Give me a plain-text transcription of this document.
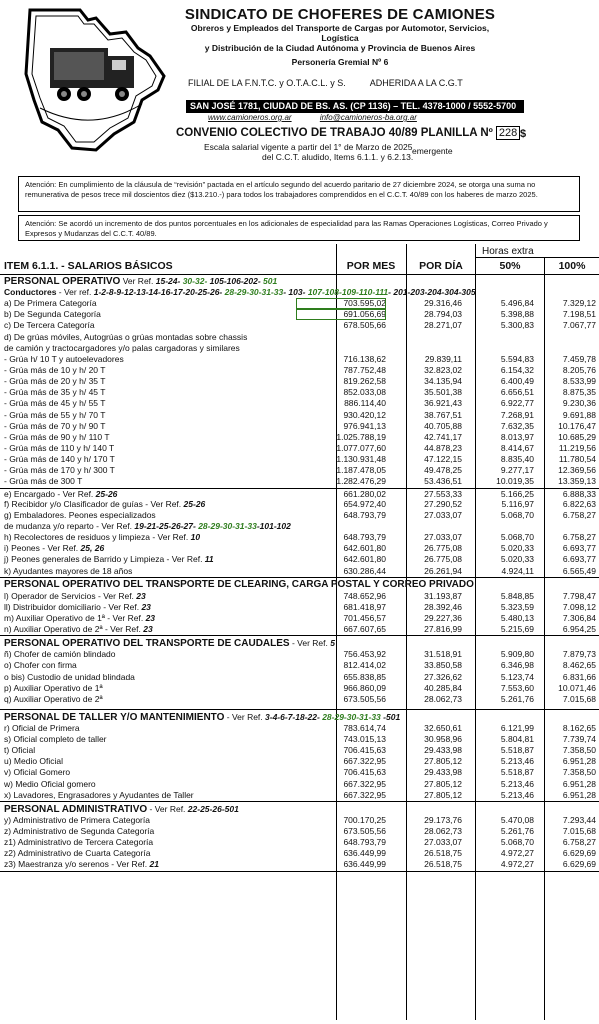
SINDICATO DE CHOFERES DE CAMIONES
Obreros y Empleados del Transporte de Cargas por Automotor, Servicios, Logística
y Distribución de la Ciudad Autónoma y Provincia de Buenos Aires
Personería Gremial Nº 6
FILIAL DE LA F.N.T.C. y O.T.A.C.L. y S.	ADHERIDA A LA C.G.T
SAN JOSÉ 1781, CIUDAD DE BS. AS. (CP 1136) – TEL. 4378-1000 / 5552-5700
www.camioneros.org.ar	info@camioneros-ba.org.ar
CONVENIO COLECTIVO DE TRABAJO 40/89 PLANILLA Nº 228 $
Escala salarial vigente a partir del 1° de Marzo de 2025
del C.C.T. aludido, Items 6.1.1. y 6.2.13.
emergente
Atención: En cumplimiento de la cláusula de “revisión” pactada en el artículo segundo del acuerdo paritario de 27 diciembre 2024, se otorga una suma no remunerativa de pesos trece mil doscientos diez ($13.210.-) para todos los trabajadores comprendidos en el C.C.T. 40/89 con los haberes de marzo 2025.
Atención: Se acordó un incremento de dos puntos porcentuales en los adicionales de especialidad para las Ramas Operaciones Logísticas, Correo Privado y Expresos y Mudanzas del C.C.T. 40/89.
Horas extra
ITEM 6.1.1. - SALARIOS BÁSICOS	POR MES	POR DÍA	50%	100%
PERSONAL OPERATIVO Ver Ref. 15-24- 30-32- 105-106-202- 501
Conductores - Ver ref. 1-2-8-9-12-13-14-16-17-20-25-26- 28-29-30-31-33- 103- 107-108-109-110-111- 201-203-204-304-305
a) De Primera Categoría	703.595,02	29.316,46	5.496,84	7.329,12
b) De Segunda Categoría	691.056,69	28.794,03	5.398,88	7.198,51
c) De Tercera Categoría	678.505,66	28.271,07	5.300,83	7.067,77
d) De grúas móviles, Autogrúas o grúas montadas sobre chassis
de camión y tractocargadores y/o palas cargadoras y similares
- Grúa h/ 10 T y autoelevadores	716.138,62	29.839,11	5.594,83	7.459,78
- Grúa más de 10 y h/ 20 T	787.752,48	32.823,02	6.154,32	8.205,76
- Grúa más de 20 y h/ 35 T	819.262,58	34.135,94	6.400,49	8.533,99
- Grúa más de 35 y h/ 45 T	852.033,08	35.501,38	6.656,51	8.875,35
- Grúa más de 45 y h/ 55 T	886.114,40	36.921,43	6.922,77	9.230,36
- Grúa más de 55 y h/ 70 T	930.420,12	38.767,51	7.268,91	9.691,88
- Grúa más de 70 y h/ 90 T	976.941,13	40.705,88	7.632,35	10.176,47
- Grúa más de 90 y h/ 110 T	1.025.788,19	42.741,17	8.013,97	10.685,29
- Grúa más de 110 y h/ 140 T	1.077.077,60	44.878,23	8.414,67	11.219,56
- Grúa más de 140 y h/ 170 T	1.130.931,48	47.122,15	8.835,40	11.780,54
- Grúa más de 170 y h/ 300 T	1.187.478,05	49.478,25	9.277,17	12.369,56
- Grúa más de 300 T	1.282.476,29	53.436,51	10.019,35	13.359,13
e) Encargado - Ver Ref. 25-26	661.280,02	27.553,33	5.166,25	6.888,33
f) Recibidor y/o Clasificador de guías - Ver Ref. 25-26	654.972,40	27.290,52	5.116,97	6.822,63
g) Embaladores. Peones especializados	648.793,79	27.033,07	5.068,70	6.758,27
de mudanza y/o reparto - Ver Ref. 19-21-25-26-27- 28-29-30-31-33-101-102
h) Recolectores de residuos y limpieza - Ver Ref. 10	648.793,79	27.033,07	5.068,70	6.758,27
i) Peones - Ver Ref. 25, 26	642.601,80	26.775,08	5.020,33	6.693,77
j) Peones generales de Barrido y Limpieza - Ver Ref. 11	642.601,80	26.775,08	5.020,33	6.693,77
k) Ayudantes mayores de 18 años	630.286,44	26.261,94	4.924,11	6.565,49
PERSONAL OPERATIVO DEL TRANSPORTE DE CLEARING, CARGA POSTAL Y CORREO PRIVADO
l) Operador de Servicios - Ver Ref. 23	748.652,96	31.193,87	5.848,85	7.798,47
ll) Distribuidor domiciliario - Ver Ref. 23	681.418,97	28.392,46	5.323,59	7.098,12
m) Auxiliar Operativo de 1ª - Ver Ref. 23	701.456,57	29.227,36	5.480,13	7.306,84
n) Auxiliar Operativo de 2ª - Ver Ref. 23	667.607,65	27.816,99	5.215,69	6.954,25
PERSONAL OPERATIVO DEL TRANSPORTE DE CAUDALES - Ver Ref. 5
ñ) Chofer de camión blindado	756.453,92	31.518,91	5.909,80	7.879,73
o) Chofer con firma	812.414,02	33.850,58	6.346,98	8.462,65
o bis) Custodio de unidad blindada	655.838,85	27.326,62	5.123,74	6.831,66
p) Auxiliar Operativo de 1ª	966.860,09	40.285,84	7.553,60	10.071,46
q) Auxiliar Operativo de 2ª	673.505,56	28.062,73	5.261,76	7.015,68
PERSONAL DE TALLER Y/O MANTENIMIENTO - Ver Ref. 3-4-6-7-18-22- 28-29-30-31-33 -501
r) Oficial de Primera	783.614,74	32.650,61	6.121,99	8.162,65
s) Oficial completo de taller	743.015,13	30.958,96	5.804,81	7.739,74
t) Oficial	706.415,63	29.433,98	5.518,87	7.358,50
u) Medio Oficial	667.322,95	27.805,12	5.213,46	6.951,28
v) Oficial Gomero	706.415,63	29.433,98	5.518,87	7.358,50
w) Medio Oficial gomero	667.322,95	27.805,12	5.213,46	6.951,28
x) Lavadores, Engrasadores y Ayudantes de Taller	667.322,95	27.805,12	5.213,46	6.951,28
PERSONAL ADMINISTRATIVO - Ver Ref. 22-25-26-501
y) Administrativo de Primera Categoría	700.170,25	29.173,76	5.470,08	7.293,44
z) Administrativo de Segunda Categoría	673.505,56	28.062,73	5.261,76	7.015,68
z1) Administrativo de Tercera Categoría	648.793,79	27.033,07	5.068,70	6.758,27
z2) Administrativo de Cuarta Categoría	636.449,99	26.518,75	4.972,27	6.629,69
z3) Maestranza y/o serenos - Ver Ref. 21	636.449,99	26.518,75	4.972,27	6.629,69
